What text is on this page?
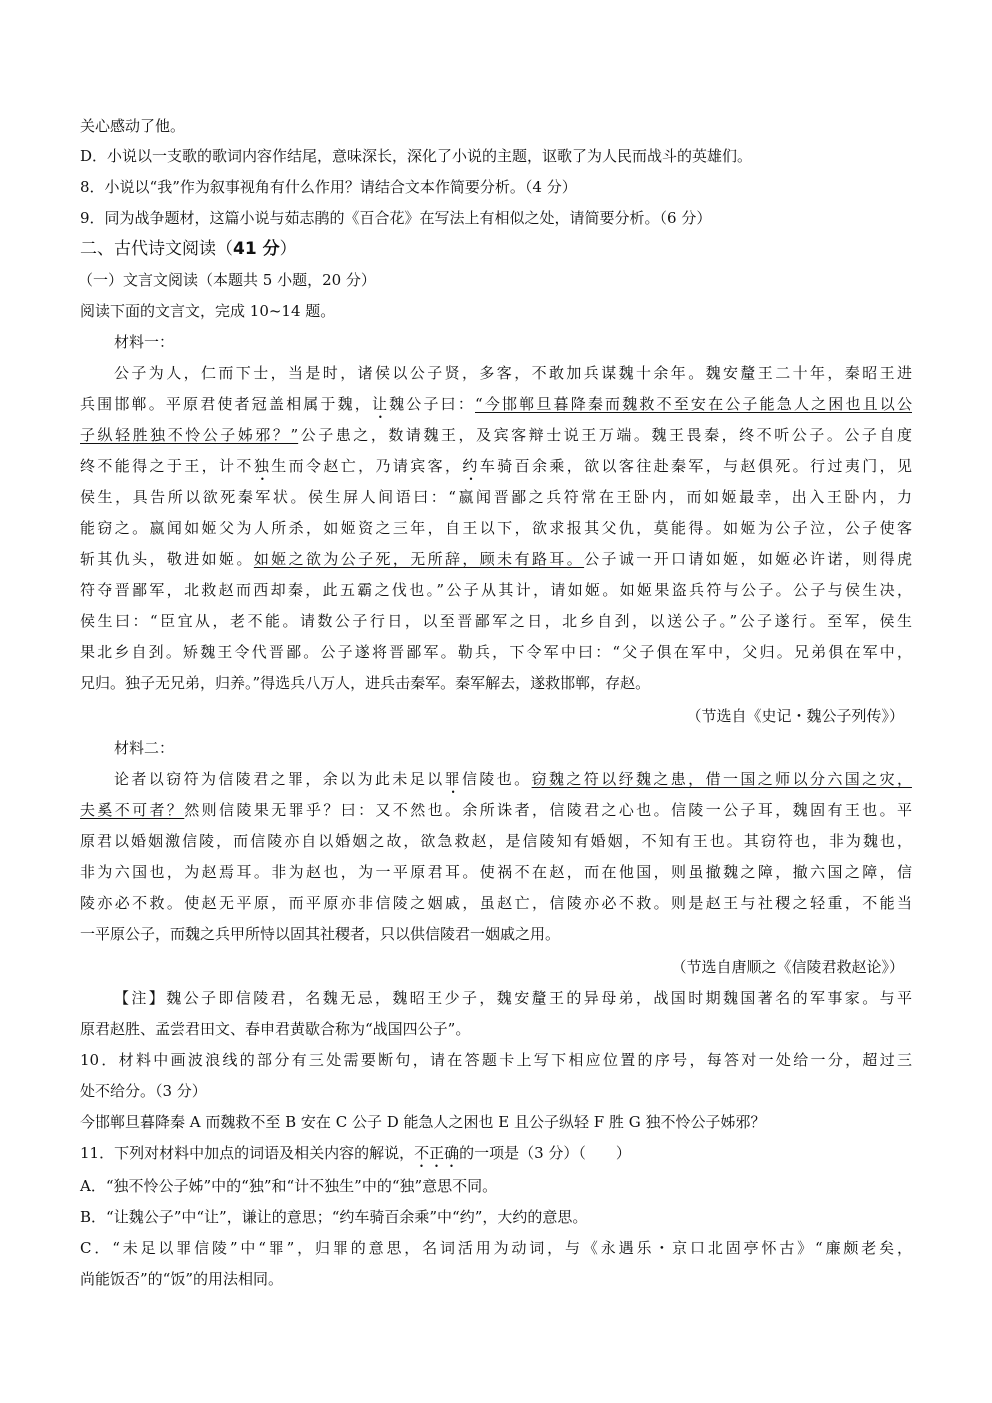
关心感动了他。
D．小说以一支歌的歌词内容作结尾，意味深长，深化了小说的主题，讴歌了为人民而战斗的英雄们。
8．小说以“我”作为叙事视角有什么作用？请结合文本作简要分析。（4 分）
9．同为战争题材，这篇小说与茹志鹃的《百合花》在写法上有相似之处，请简要分析。（6 分）
二、古代诗文阅读（41 分）
（一）文言文阅读（本题共 5 小题，20 分）
阅读下面的文言文，完成 10~14 题。
材料一：
公子为人，仁而下士，当是时，诸侯以公子贤，多客，不敢加兵谋魏十余年。魏安釐王二十年，秦昭王进
兵围邯郸。平原君使者冠盖相属于魏，让魏公子曰：“今邯郸旦暮降秦而魏救不至安在公子能急人之困也且以公
子纵轻胜独不怜公子姊邪？”公子患之，数请魏王，及宾客辩士说王万端。魏王畏秦，终不听公子。公子自度
终不能得之于王，计不独生而令赵亡，乃请宾客，约车骑百余乘，欲以客往赴秦军，与赵俱死。行过夷门，见
侯生，具告所以欲死秦军状。侯生屏人间语曰：“嬴闻晋鄙之兵符常在王卧内，而如姬最幸，出入王卧内，力
能窃之。嬴闻如姬父为人所杀，如姬资之三年，自王以下，欲求报其父仇，莫能得。如姬为公子泣，公子使客
斩其仇头，敬进如姬。如姬之欲为公子死，无所辞，顾未有路耳。公子诚一开口请如姬，如姬必许诺，则得虎
符夺晋鄙军，北救赵而西却秦，此五霸之伐也。”公子从其计，请如姬。如姬果盗兵符与公子。公子与侯生决，
侯生曰：“臣宜从，老不能。请数公子行日，以至晋鄙军之日，北乡自刭，以送公子。”公子遂行。至军，侯生
果北乡自刭。矫魏王令代晋鄙。公子遂将晋鄙军。勒兵，下令军中曰：“父子俱在军中，父归。兄弟俱在军中，
兄归。独子无兄弟，归养。”得选兵八万人，进兵击秦军。秦军解去，遂救邯郸，存赵。
（节选自《史记・魏公子列传》）
材料二：
论者以窃符为信陵君之罪，余以为此未足以罪信陵也。窃魏之符以纾魏之患，借一国之师以分六国之灾，
夫奚不可者？然则信陵果无罪乎？曰：又不然也。余所诛者，信陵君之心也。信陵一公子耳，魏固有王也。平
原君以婚姻激信陵，而信陵亦自以婚姻之故，欲急救赵，是信陵知有婚姻，不知有王也。其窃符也，非为魏也，
非为六国也，为赵焉耳。非为赵也，为一平原君耳。使祸不在赵，而在他国，则虽撤魏之障，撤六国之障，信
陵亦必不救。使赵无平原，而平原亦非信陵之姻戚，虽赵亡，信陵亦必不救。则是赵王与社稷之轻重，不能当
一平原公子，而魏之兵甲所恃以固其社稷者，只以供信陵君一姻戚之用。
（节选自唐顺之《信陵君救赵论》）
【注】魏公子即信陵君，名魏无忌，魏昭王少子，魏安釐王的异母弟，战国时期魏国著名的军事家。与平
原君赵胜、孟尝君田文、春申君黄歇合称为“战国四公子”。
10．材料中画波浪线的部分有三处需要断句，请在答题卡上写下相应位置的序号，每答对一处给一分，超过三
处不给分。（3 分）
今邯郸旦暮降秦 A 而魏救不至 B 安在 C 公子 D 能急人之困也 E 且公子纵轻 F 胜 G 独不怜公子姊邪？
11．下列对材料中加点的词语及相关内容的解说，不正确的一项是（3 分）（　　）
A．“独不怜公子姊”中的“独”和“计不独生”中的“独”意思不同。
B．“让魏公子”中“让”，谦让的意思；“约车骑百余乘”中“约”，大约的意思。
C．“未足以罪信陵”中“罪”，归罪的意思，名词活用为动词，与《永遇乐・京口北固亭怀古》“廉颇老矣，
尚能饭否”的“饭”的用法相同。
